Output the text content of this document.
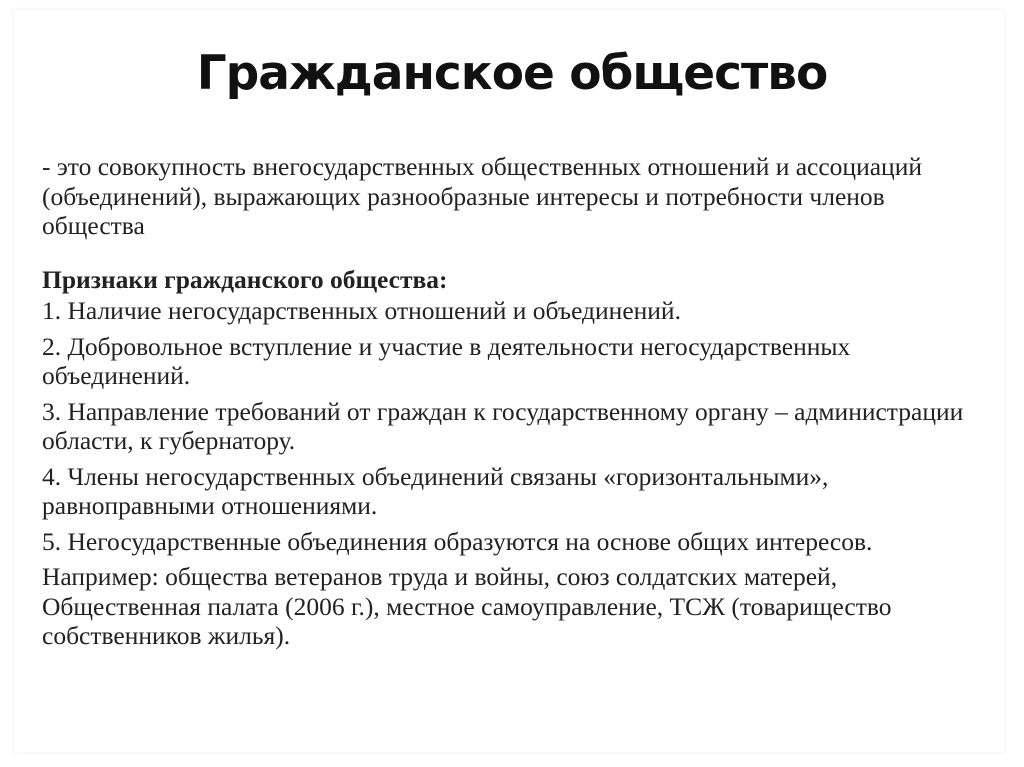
Гражданское общество

- это совокупность внегосударственных общественных отношений и ассоциаций (объединений), выражающих разнообразные интересы и потребности членов общества

Признаки гражданского общества:

1. Наличие негосударственных отношений и объединений.

2. Добровольное вступление и участие в деятельности негосударственных объединений.

3. Направление требований от граждан к государственному органу – администрации области, к губернатору.

4. Члены негосударственных объединений связаны «горизонтальными», равноправными отношениями.

5. Негосударственные объединения образуются на основе общих интересов.

Например: общества ветеранов труда и войны, союз солдатских матерей, Общественная палата (2006 г.), местное самоуправление, ТСЖ (товарищество собственников жилья).
